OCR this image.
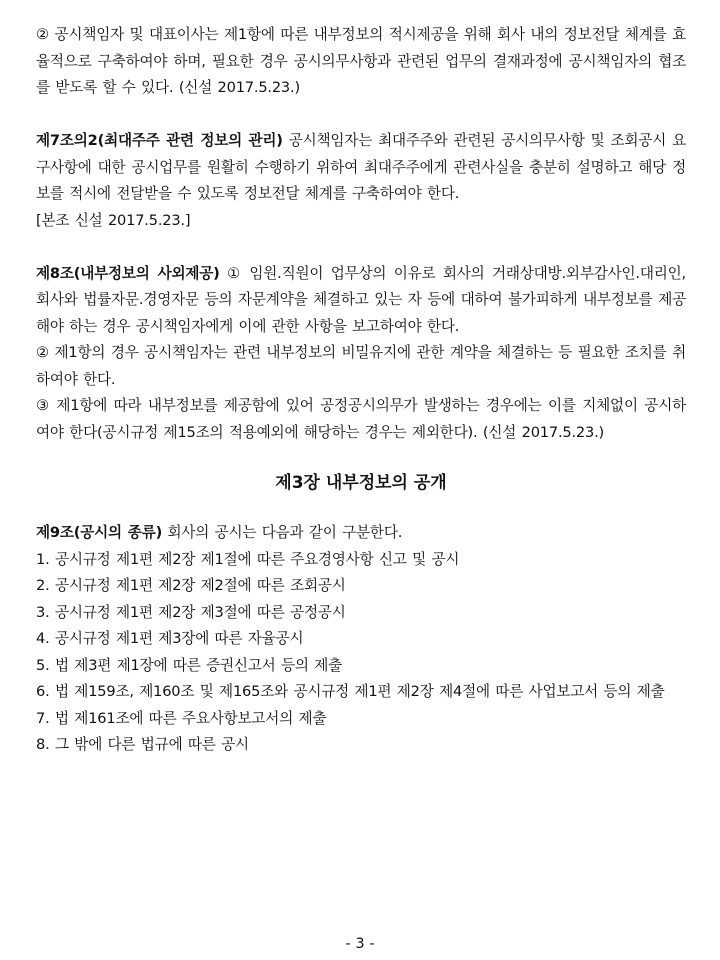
② 공시책임자 및 대표이사는 제1항에 따른 내부정보의 적시제공을 위해 회사 내의 정보전달 체계를 효율적으로 구축하여야 하며, 필요한 경우 공시의무사항과 관련된 업무의 결재과정에 공시책임자의 협조를 받도록 할 수 있다. (신설 2017.5.23.)

제7조의2(최대주주 관련 정보의 관리) 공시책임자는 최대주주와 관련된 공시의무사항 및 조회공시 요구사항에 대한 공시업무를 원활히 수행하기 위하여 최대주주에게 관련사실을 충분히 설명하고 해당 정보를 적시에 전달받을 수 있도록 정보전달 체계를 구축하여야 한다.

[본조 신설 2017.5.23.]

제8조(내부정보의 사외제공) ① 임원.직원이 업무상의 이유로 회사의 거래상대방.외부감사인.대리인, 회사와 법률자문.경영자문 등의 자문계약을 체결하고 있는 자 등에 대하여 불가피하게 내부정보를 제공해야 하는 경우 공시책임자에게 이에 관한 사항을 보고하여야 한다.

② 제1항의 경우 공시책임자는 관련 내부정보의 비밀유지에 관한 계약을 체결하는 등 필요한 조치를 취하여야 한다.

③ 제1항에 따라 내부정보를 제공함에 있어 공정공시의무가 발생하는 경우에는 이를 지체없이 공시하여야 한다(공시규정 제15조의 적용예외에 해당하는 경우는 제외한다). (신설 2017.5.23.)

제3장 내부정보의 공개

제9조(공시의 종류) 회사의 공시는 다음과 같이 구분한다.

1. 공시규정 제1편 제2장 제1절에 따른 주요경영사항 신고 및 공시

2. 공시규정 제1편 제2장 제2절에 따른 조회공시

3. 공시규정 제1편 제2장 제3절에 따른 공정공시

4. 공시규정 제1편 제3장에 따른 자율공시

5. 법 제3편 제1장에 따른 증권신고서 등의 제출

6. 법 제159조, 제160조 및 제165조와 공시규정 제1편 제2장 제4절에 따른 사업보고서 등의 제출

7. 법 제161조에 따른 주요사항보고서의 제출

8. 그 밖에 다른 법규에 따른 공시

- 3 -
